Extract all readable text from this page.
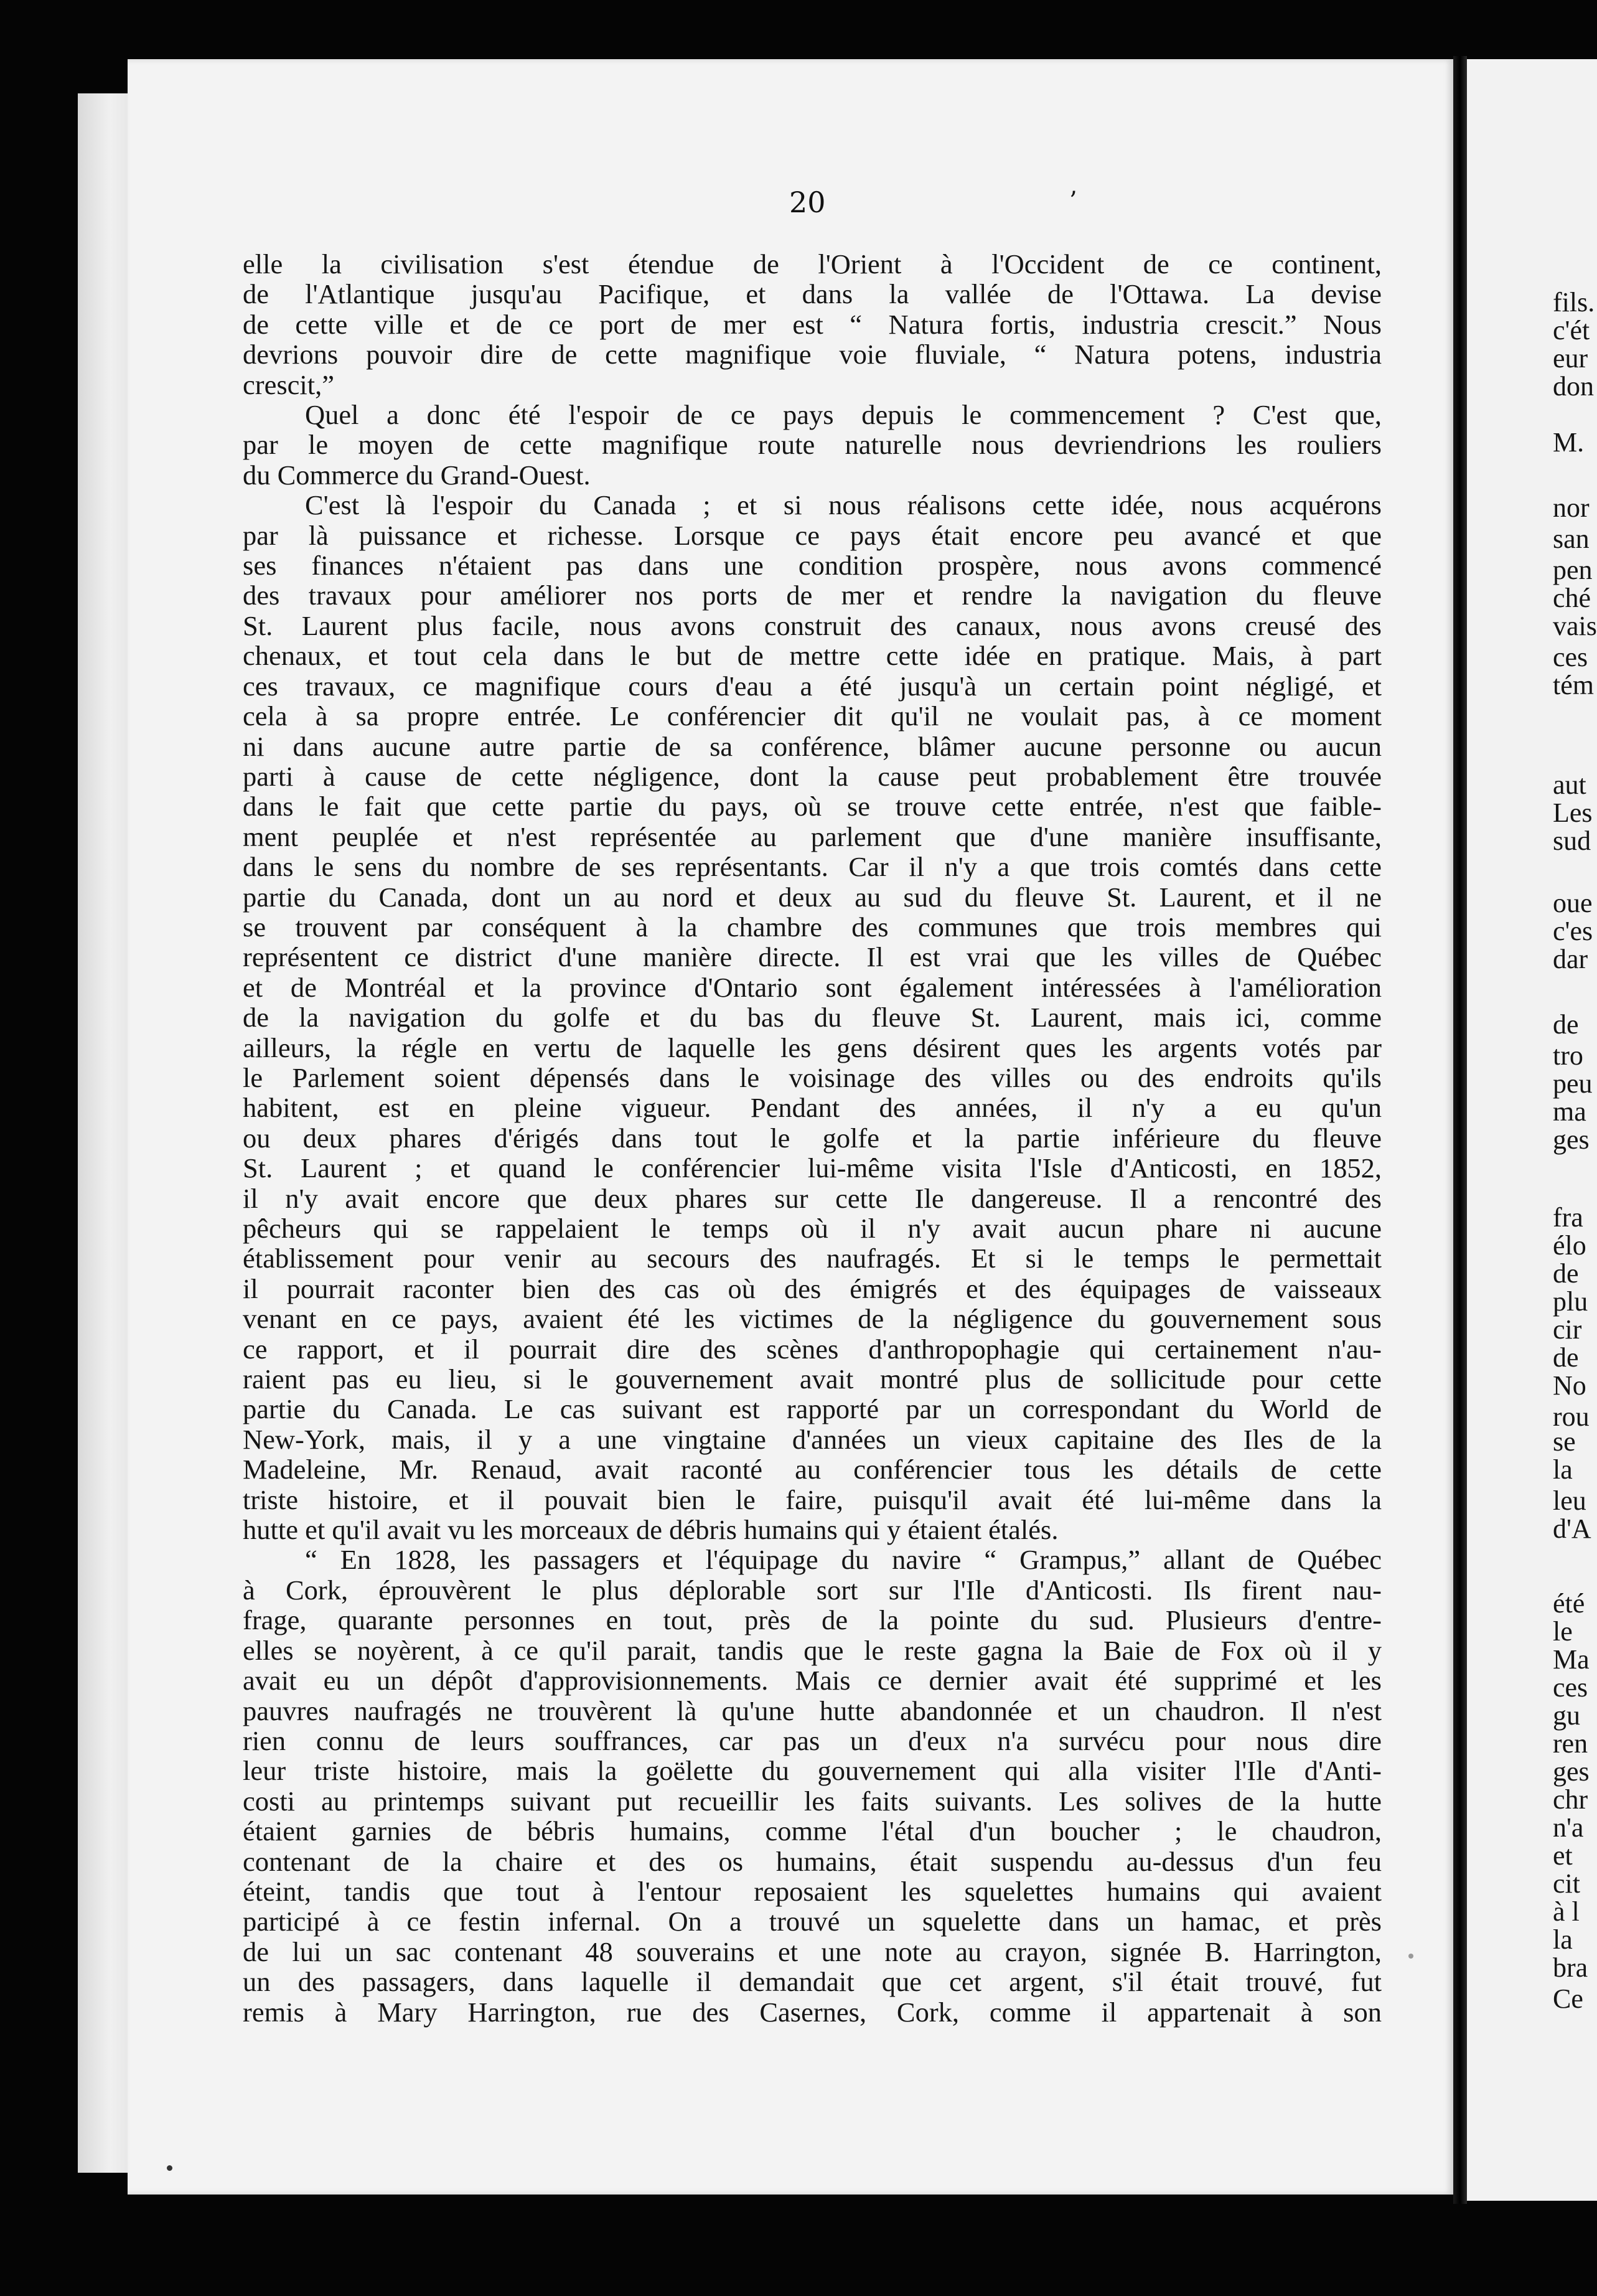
fils.
c'ét
eur
don
M.
nor
san
pen
ché
vais
ces
tém
aut
Les
sud
oue
c'es
dar
de
tro
peu
ma
ges
fra
élo
de
plu
cir
de
No
rou
se
la
leu
d'A
été
le
Ma
ces
gu
ren
ges
chr
n'a
et
cit
à l
la
bra
Ce
20	’
elle la civilisation s'est étendue de l'Orient à l'Occident de ce continent,
de l'Atlantique jusqu'au Pacifique, et dans la vallée de l'Ottawa. La devise
de cette ville et de ce port de mer est “ Natura fortis, industria crescit.” Nous
devrions pouvoir dire de cette magnifique voie fluviale, “ Natura potens, industria
crescit,”
Quel a donc été l'espoir de ce pays depuis le commencement ? C'est que,
par le moyen de cette magnifique route naturelle nous devriendrions les rouliers
du Commerce du Grand-Ouest.
C'est là l'espoir du Canada ; et si nous réalisons cette idée, nous acquérons
par là puissance et richesse. Lorsque ce pays était encore peu avancé et que
ses finances n'étaient pas dans une condition prospère, nous avons commencé
des travaux pour améliorer nos ports de mer et rendre la navigation du fleuve
St. Laurent plus facile, nous avons construit des canaux, nous avons creusé des
chenaux, et tout cela dans le but de mettre cette idée en pratique. Mais, à part
ces travaux, ce magnifique cours d'eau a été jusqu'à un certain point négligé, et
cela à sa propre entrée. Le conférencier dit qu'il ne voulait pas, à ce moment
ni dans aucune autre partie de sa conférence, blâmer aucune personne ou aucun
parti à cause de cette négligence, dont la cause peut probablement être trouvée
dans le fait que cette partie du pays, où se trouve cette entrée, n'est que faible-
ment peuplée et n'est représentée au parlement que d'une manière insuffisante,
dans le sens du nombre de ses représentants. Car il n'y a que trois comtés dans cette
partie du Canada, dont un au nord et deux au sud du fleuve St. Laurent, et il ne
se trouvent par conséquent à la chambre des communes que trois membres qui
représentent ce district d'une manière directe. Il est vrai que les villes de Québec
et de Montréal et la province d'Ontario sont également intéressées à l'amélioration
de la navigation du golfe et du bas du fleuve St. Laurent, mais ici, comme
ailleurs, la régle en vertu de laquelle les gens désirent ques les argents votés par
le Parlement soient dépensés dans le voisinage des villes ou des endroits qu'ils
habitent, est en pleine vigueur. Pendant des années, il n'y a eu qu'un
ou deux phares d'érigés dans tout le golfe et la partie inférieure du fleuve
St. Laurent ; et quand le conférencier lui-même visita l'Isle d'Anticosti, en 1852,
il n'y avait encore que deux phares sur cette Ile dangereuse. Il a rencontré des
pêcheurs qui se rappelaient le temps où il n'y avait aucun phare ni aucune
établissement pour venir au secours des naufragés. Et si le temps le permettait
il pourrait raconter bien des cas où des émigrés et des équipages de vaisseaux
venant en ce pays, avaient été les victimes de la négligence du gouvernement sous
ce rapport, et il pourrait dire des scènes d'anthropophagie qui certainement n'au-
raient pas eu lieu, si le gouvernement avait montré plus de sollicitude pour cette
partie du Canada. Le cas suivant est rapporté par un correspondant du World de
New-York, mais, il y a une vingtaine d'années un vieux capitaine des Iles de la
Madeleine, Mr. Renaud, avait raconté au conférencier tous les détails de cette
triste histoire, et il pouvait bien le faire, puisqu'il avait été lui-même dans la
hutte et qu'il avait vu les morceaux de débris humains qui y étaient étalés.
“ En 1828, les passagers et l'équipage du navire “ Grampus,” allant de Québec
à Cork, éprouvèrent le plus déplorable sort sur l'Ile d'Anticosti. Ils firent nau-
frage, quarante personnes en tout, près de la pointe du sud. Plusieurs d'entre-
elles se noyèrent, à ce qu'il parait, tandis que le reste gagna la Baie de Fox où il y
avait eu un dépôt d'approvisionnements. Mais ce dernier avait été supprimé et les
pauvres naufragés ne trouvèrent là qu'une hutte abandonnée et un chaudron. Il n'est
rien connu de leurs souffrances, car pas un d'eux n'a survécu pour nous dire
leur triste histoire, mais la goëlette du gouvernement qui alla visiter l'Ile d'Anti-
costi au printemps suivant put recueillir les faits suivants. Les solives de la hutte
étaient garnies de bébris humains, comme l'étal d'un boucher ; le chaudron,
contenant de la chaire et des os humains, était suspendu au-dessus d'un feu
éteint, tandis que tout à l'entour reposaient les squelettes humains qui avaient
participé à ce festin infernal. On a trouvé un squelette dans un hamac, et près
de lui un sac contenant 48 souverains et une note au crayon, signée B. Harrington,
un des passagers, dans laquelle il demandait que cet argent, s'il était trouvé, fut
remis à Mary Harrington, rue des Casernes, Cork, comme il appartenait à son
